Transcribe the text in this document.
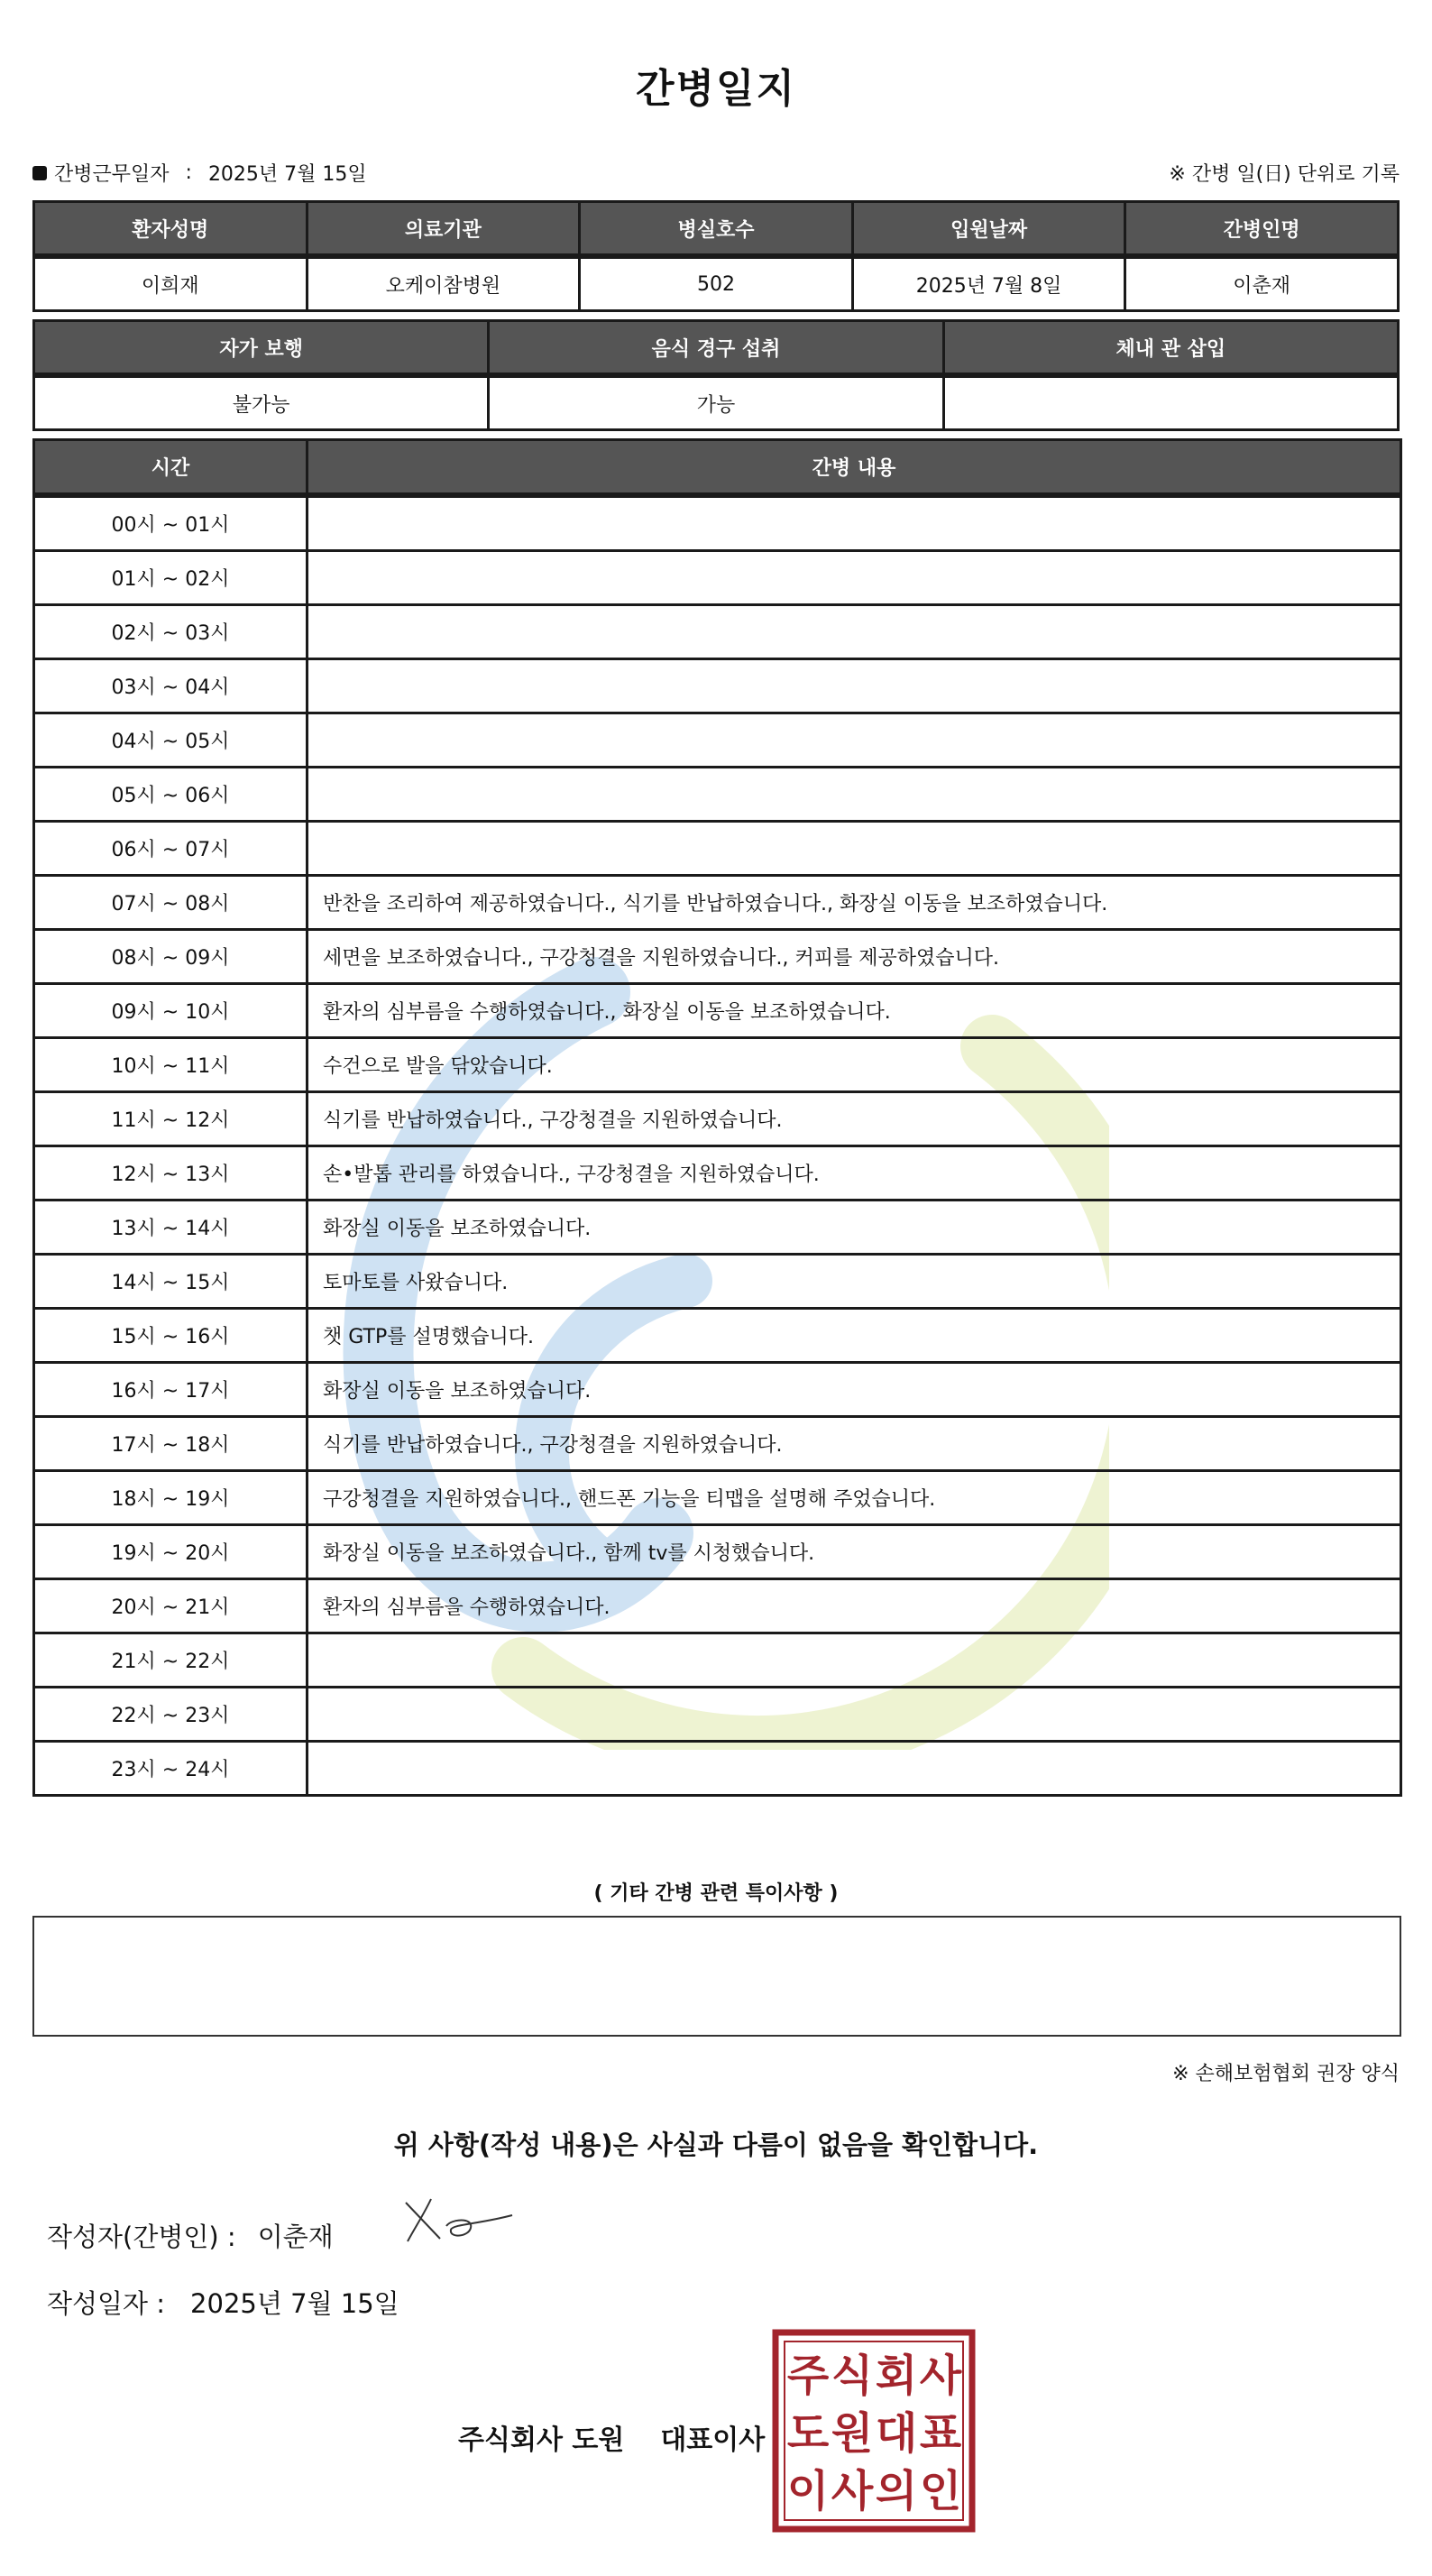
간병일지
간병근무일자 : 2025년 7월 15일	※ 간병 일(日) 단위로 기록
환자성명	의료기관	병실호수	입원날짜	간병인명
이희재	오케이참병원	502	2025년 7월 8일	이춘재
자가 보행	음식 경구 섭취	체내 관 삽입
불가능	가능	
시간	간병 내용
00시 ~ 01시	
01시 ~ 02시	
02시 ~ 03시	
03시 ~ 04시	
04시 ~ 05시	
05시 ~ 06시	
06시 ~ 07시	
07시 ~ 08시	반찬을 조리하여 제공하였습니다., 식기를 반납하였습니다., 화장실 이동을 보조하였습니다.
08시 ~ 09시	세면을 보조하였습니다., 구강청결을 지원하였습니다., 커피를 제공하였습니다.
09시 ~ 10시	환자의 심부름을 수행하였습니다., 화장실 이동을 보조하였습니다.
10시 ~ 11시	수건으로 발을 닦았습니다.
11시 ~ 12시	식기를 반납하였습니다., 구강청결을 지원하였습니다.
12시 ~ 13시	손•발톱 관리를 하였습니다., 구강청결을 지원하였습니다.
13시 ~ 14시	화장실 이동을 보조하였습니다.
14시 ~ 15시	토마토를 사왔습니다.
15시 ~ 16시	챗 GTP를 설명했습니다.
16시 ~ 17시	화장실 이동을 보조하였습니다.
17시 ~ 18시	식기를 반납하였습니다., 구강청결을 지원하였습니다.
18시 ~ 19시	구강청결을 지원하였습니다., 핸드폰 기능을 티맵을 설명해 주었습니다.
19시 ~ 20시	화장실 이동을 보조하였습니다., 함께 tv를 시청했습니다.
20시 ~ 21시	환자의 심부름을 수행하였습니다.
21시 ~ 22시	
22시 ~ 23시	
23시 ~ 24시	
( 기타 간병 관련 특이사항 )
※ 손해보험협회 권장 양식
위 사항(작성 내용)은 사실과 다름이 없음을 확인합니다.
작성자(간병인) : 이춘재
작성일자 : 2025년 7월 15일
주식회사 도원 대표이사
주 식 회 사
도 원 대 표
이 사 의 인
